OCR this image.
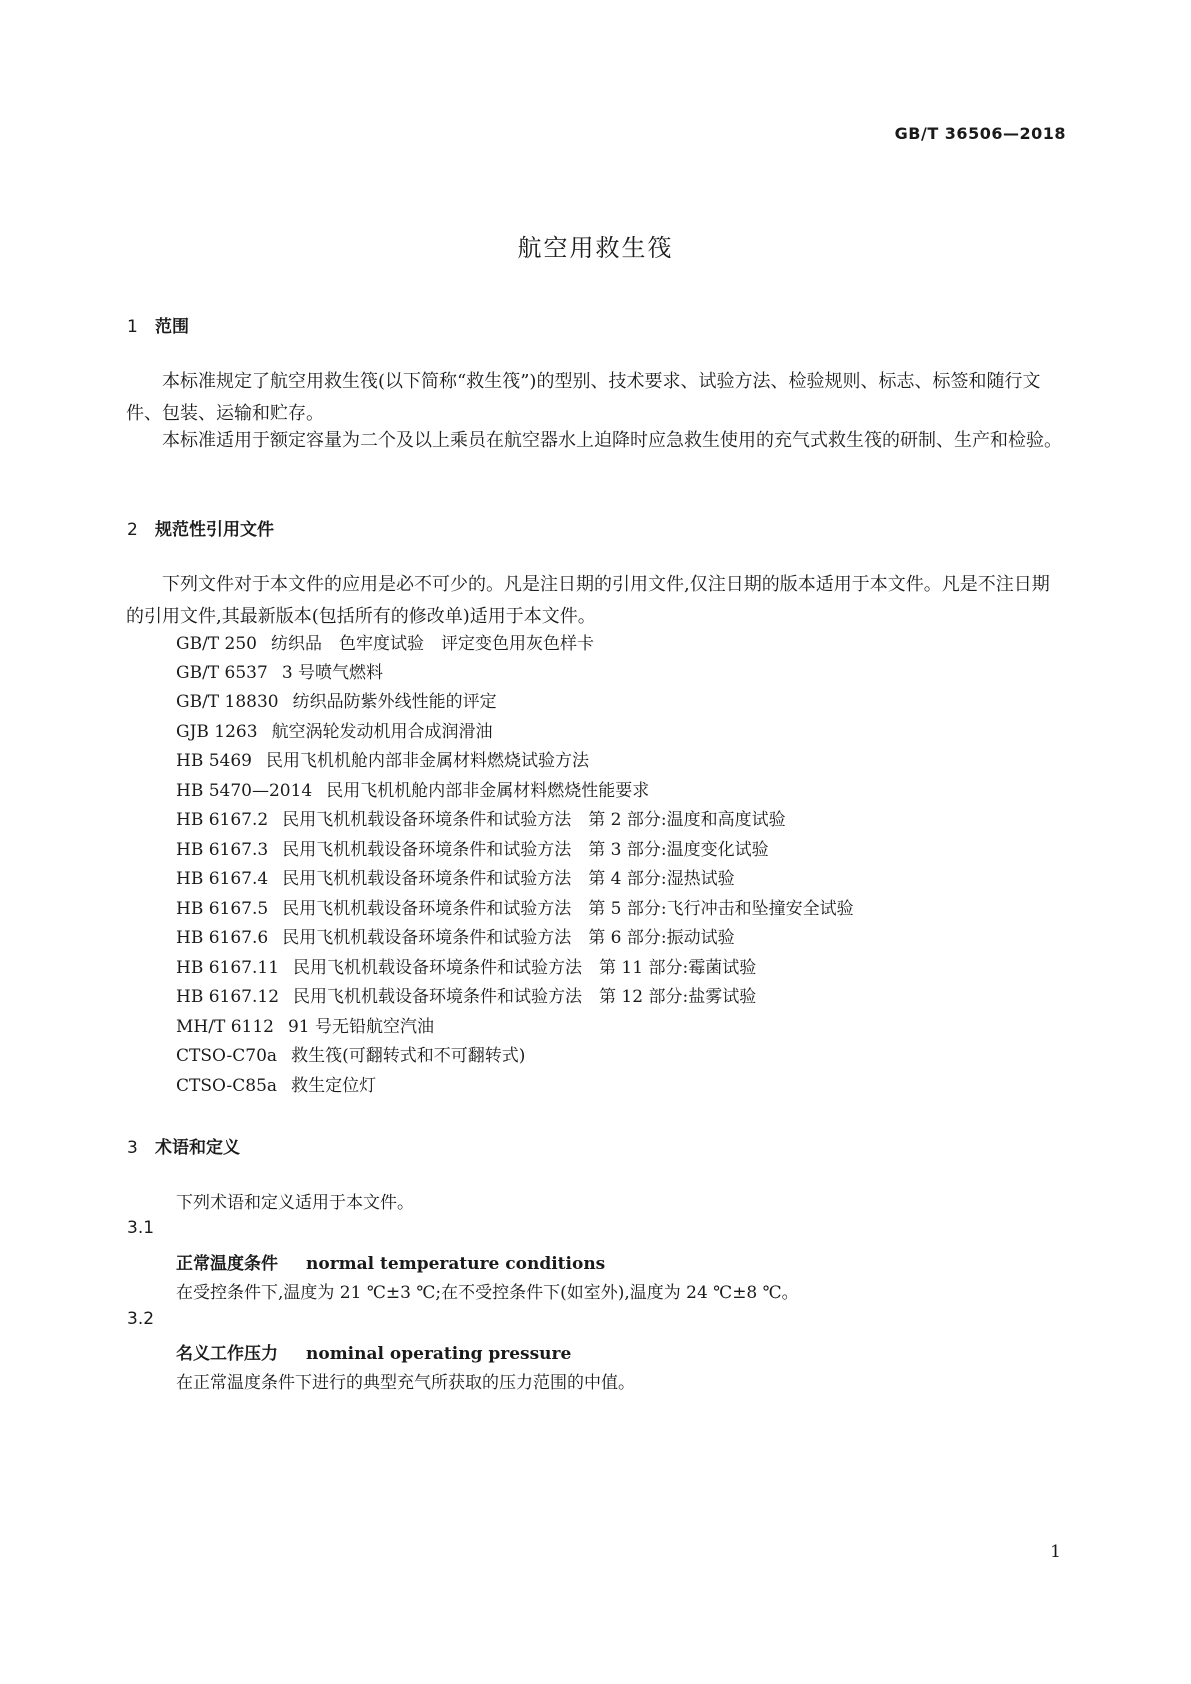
GB/T 36506—2018
航空用救生筏
1 范围
本标准规定了航空用救生筏(以下简称“救生筏”)的型别、技术要求、试验方法、检验规则、标志、标签和随行文件、包装、运输和贮存。
本标准适用于额定容量为二个及以上乘员在航空器水上迫降时应急救生使用的充气式救生筏的研制、生产和检验。
2 规范性引用文件
下列文件对于本文件的应用是必不可少的。凡是注日期的引用文件,仅注日期的版本适用于本文件。凡是不注日期的引用文件,其最新版本(包括所有的修改单)适用于本文件。
GB/T 250 纺织品　色牢度试验　评定变色用灰色样卡
GB/T 6537 3 号喷气燃料
GB/T 18830 纺织品防紫外线性能的评定
GJB 1263 航空涡轮发动机用合成润滑油
HB 5469 民用飞机机舱内部非金属材料燃烧试验方法
HB 5470—2014 民用飞机机舱内部非金属材料燃烧性能要求
HB 6167.2 民用飞机机载设备环境条件和试验方法　第 2 部分:温度和高度试验
HB 6167.3 民用飞机机载设备环境条件和试验方法　第 3 部分:温度变化试验
HB 6167.4 民用飞机机载设备环境条件和试验方法　第 4 部分:湿热试验
HB 6167.5 民用飞机机载设备环境条件和试验方法　第 5 部分:飞行冲击和坠撞安全试验
HB 6167.6 民用飞机机载设备环境条件和试验方法　第 6 部分:振动试验
HB 6167.11 民用飞机机载设备环境条件和试验方法　第 11 部分:霉菌试验
HB 6167.12 民用飞机机载设备环境条件和试验方法　第 12 部分:盐雾试验
MH/T 6112 91 号无铅航空汽油
CTSO-C70a 救生筏(可翻转式和不可翻转式)
CTSO-C85a 救生定位灯
3 术语和定义
下列术语和定义适用于本文件。
3.1
正常温度条件 normal temperature conditions
在受控条件下,温度为 21 ℃±3 ℃;在不受控条件下(如室外),温度为 24 ℃±8 ℃。
3.2
名义工作压力 nominal operating pressure
在正常温度条件下进行的典型充气所获取的压力范围的中值。
1
